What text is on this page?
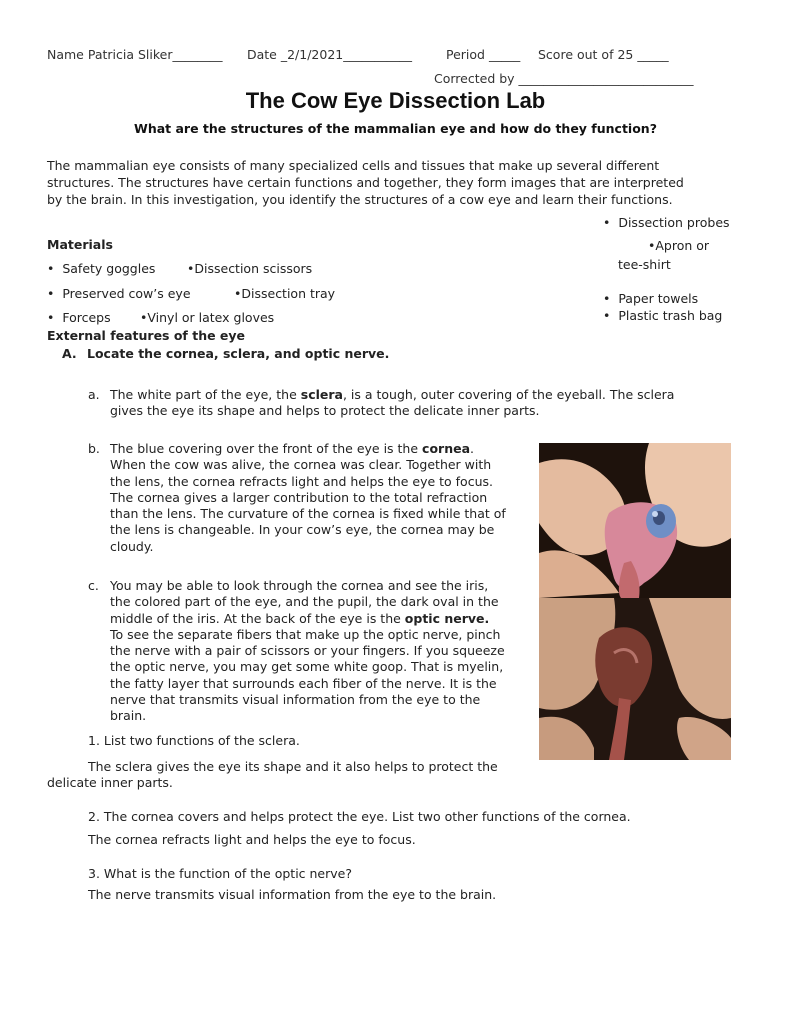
Name Patricia Sliker________ Date _2/1/2021___________	Period _____ Score out of 25 _____
Corrected by ____________________________
The Cow Eye Dissection Lab
What are the structures of the mammalian eye and how do they function?
The mammalian eye consists of many specialized cells and tissues that make up several different
structures. The structures have certain functions and together, they form images that are interpreted
by the brain. In this investigation, you identify the structures of a cow eye and learn their functions.
Materials
•  Safety goggles	•Dissection scissors
•  Preserved cow’s eye	•Dissection tray
•  Forceps •Vinyl or latex gloves
•  Dissection probes
•Apron or
tee-shirt
•  Paper towels
•  Plastic trash bag
External features of the eye
A. Locate the cornea, sclera, and optic nerve.
a. The white part of the eye, the sclera, is a tough, outer covering of the eyeball. The sclera
gives the eye its shape and helps to protect the delicate inner parts.
b. The blue covering over the front of the eye is the cornea.
When the cow was alive, the cornea was clear. Together with
the lens, the cornea refracts light and helps the eye to focus.
The cornea gives a larger contribution to the total refraction
than the lens. The curvature of the cornea is fixed while that of
the lens is changeable. In your cow’s eye, the cornea may be
cloudy.
c. You may be able to look through the cornea and see the iris,
the colored part of the eye, and the pupil, the dark oval in the
middle of the iris. At the back of the eye is the optic nerve.
To see the separate fibers that make up the optic nerve, pinch
the nerve with a pair of scissors or your fingers. If you squeeze
the optic nerve, you may get some white goop. That is myelin,
the fatty layer that surrounds each fiber of the nerve. It is the
nerve that transmits visual information from the eye to the
brain.
1. List two functions of the sclera.
The sclera gives the eye its shape and it also helps to protect the
delicate inner parts.
2. The cornea covers and helps protect the eye. List two other functions of the cornea.
The cornea refracts light and helps the eye to focus.
3. What is the function of the optic nerve?
The nerve transmits visual information from the eye to the brain.
